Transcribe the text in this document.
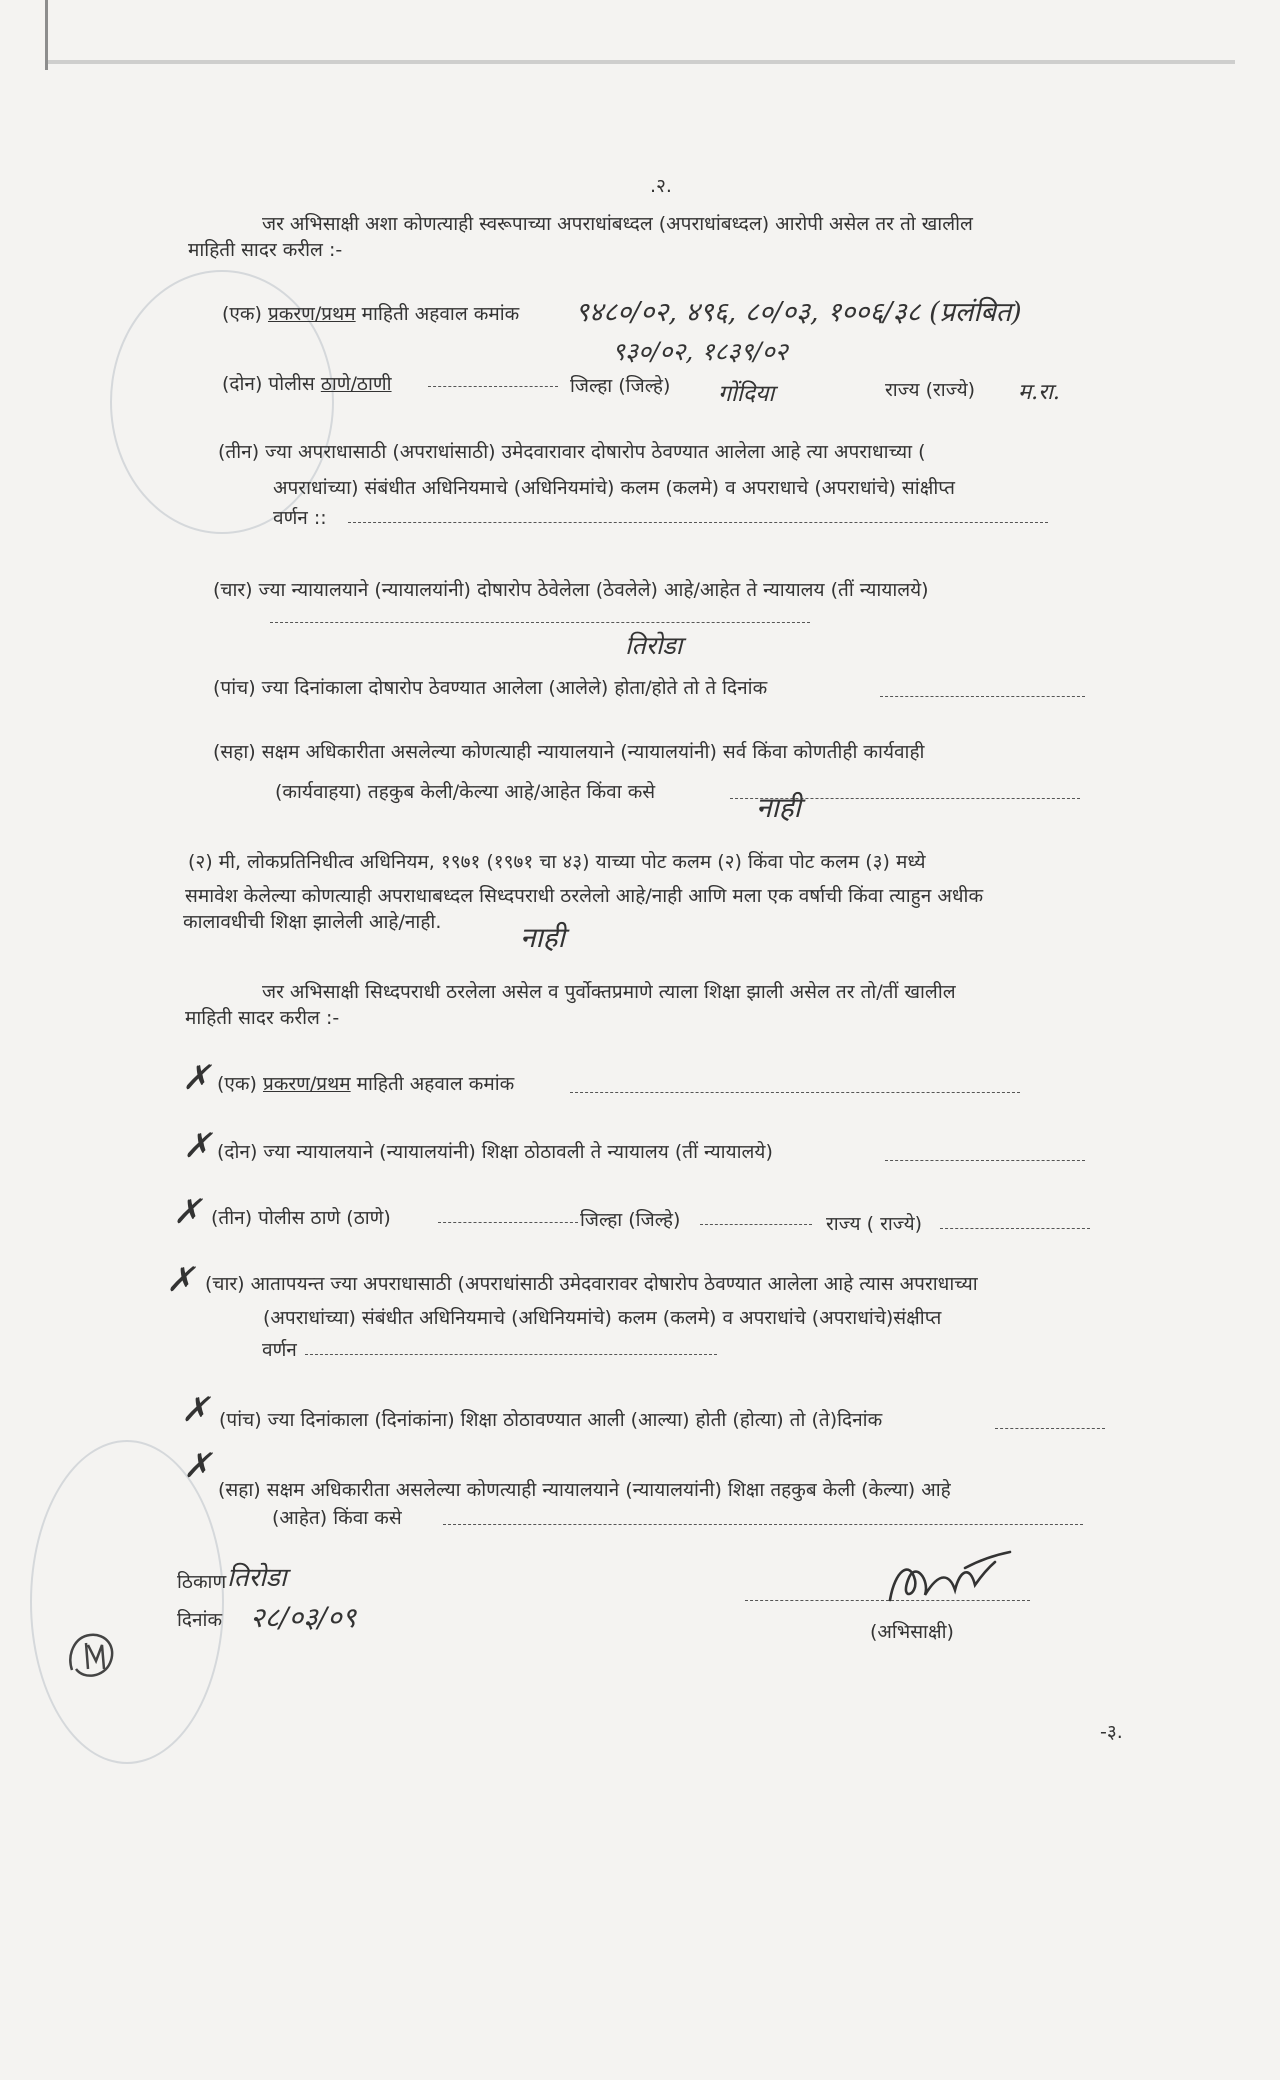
.२.
जर अभिसाक्षी अशा कोणत्याही स्वरूपाच्या अपराधांबध्दल (अपराधांबध्दल) आरोपी असेल तर तो खालील
माहिती सादर करील :-
(एक) प्रकरण/प्रथम माहिती अहवाल कमांक ९४८०/०२, ४९६, ८०/०३, १००६/३८ (प्रलंबित)
९३०/०२, १८३९/०२
(दोन) पोलीस ठाणे/ठाणी	जिल्हा (जिल्हे) गोंदिया	राज्य (राज्ये) म.रा.
(तीन) ज्या अपराधासाठी (अपराधांसाठी) उमेदवारावार दोषारोप ठेवण्यात आलेला आहे त्या अपराधाच्या (
अपराधांच्या) संबंधीत अधिनियमाचे (अधिनियमांचे) कलम (कलमे) व अपराधाचे (अपराधांचे) सांक्षीप्त
वर्णन ::
(चार) ज्या न्यायालयाने (न्यायालयांनी) दोषारोप ठेवेलेला (ठेवलेले) आहे/आहेत ते न्यायालय (तीं न्यायालये)
तिरोडा
(पांच) ज्या दिनांकाला दोषारोप ठेवण्यात आलेला (आलेले) होता/होते तो ते दिनांक
(सहा) सक्षम अधिकारीता असलेल्या कोणत्याही न्यायालयाने (न्यायालयांनी) सर्व किंवा कोणतीही कार्यवाही
(कार्यवाहया) तहकुब केली/केल्या आहे/आहेत किंवा कसे	नाही
(२) मी, लोकप्रतिनिधीत्व अधिनियम, १९७१ (१९७१ चा ४३) याच्या पोट कलम (२) किंवा पोट कलम (३) मध्ये
समावेश केलेल्या कोणत्याही अपराधाबध्दल सिध्दपराधी ठरलेलो आहे/नाही आणि मला एक वर्षाची किंवा त्याहुन अधीक
कालावधीची शिक्षा झालेली आहे/नाही.	नाही
जर अभिसाक्षी सिध्दपराधी ठरलेला असेल व पुर्वोक्तप्रमाणे त्याला शिक्षा झाली असेल तर तो/तीं खालील
माहिती सादर करील :-
✗ (एक) प्रकरण/प्रथम माहिती अहवाल कमांक
✗ (दोन) ज्या न्यायालयाने (न्यायालयांनी) शिक्षा ठोठावली ते न्यायालय (तीं न्यायालये)
✗ (तीन) पोलीस ठाणे (ठाणे)	जिल्हा (जिल्हे)	राज्य ( राज्ये)
✗ (चार) आतापयन्त ज्या अपराधासाठी (अपराधांसाठी उमेदवारावर दोषारोप ठेवण्यात आलेला आहे त्यास अपराधाच्या
(अपराधांच्या) संबंधीत अधिनियमाचे (अधिनियमांचे) कलम (कलमे) व अपराधांचे (अपराधांचे)संक्षीप्त
वर्णन
✗ (पांच) ज्या दिनांकाला (दिनांकांना) शिक्षा ठोठावण्यात आली (आल्या) होती (होत्या) तो (ते)दिनांक
✗
(सहा) सक्षम अधिकारीता असलेल्या कोणत्याही न्यायालयाने (न्यायालयांनी) शिक्षा तहकुब केली (केल्या) आहे
(आहेत) किंवा कसे
ठिकाण तिरोडा
दिनांक २८/०३/०९	(अभिसाक्षी)
-३.
